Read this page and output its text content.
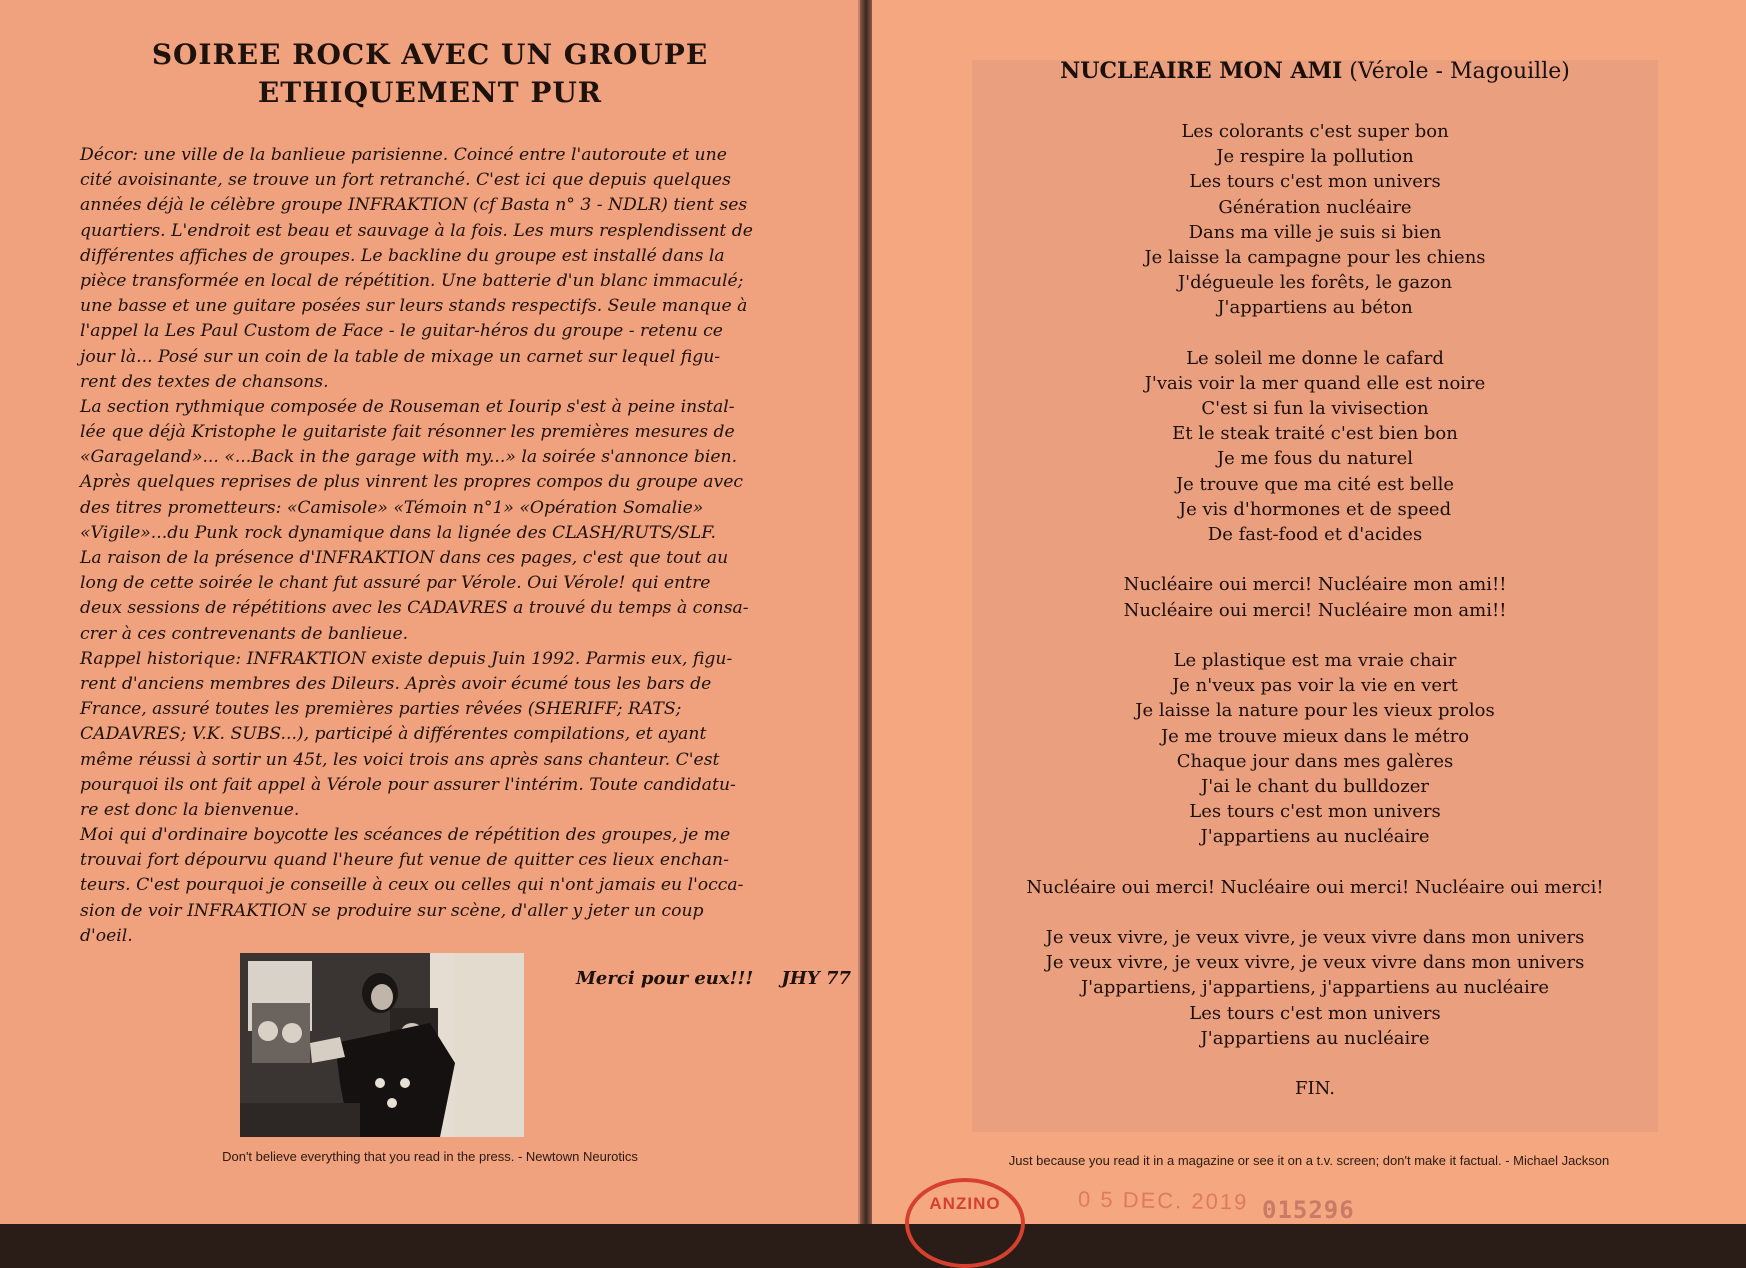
SOIREE ROCK AVEC UN GROUPE
ETHIQUEMENT PUR
Décor: une ville de la banlieue parisienne. Coincé entre l'autoroute et une
cité avoisinante, se trouve un fort retranché. C'est ici que depuis quelques
années déjà le célèbre groupe INFRAKTION (cf Basta n° 3 - NDLR) tient ses
quartiers. L'endroit est beau et sauvage à la fois. Les murs resplendissent de
différentes affiches de groupes. Le backline du groupe est installé dans la
pièce transformée en local de répétition. Une batterie d'un blanc immaculé;
une basse et une guitare posées sur leurs stands respectifs. Seule manque à
l'appel la Les Paul Custom de Face - le guitar-héros du groupe - retenu ce
jour là... Posé sur un coin de la table de mixage un carnet sur lequel figu-
rent des textes de chansons.
La section rythmique composée de Rouseman et Iourip s'est à peine instal-
lée que déjà Kristophe le guitariste fait résonner les premières mesures de
«Garageland»... «...Back in the garage with my...» la soirée s'annonce bien.
Après quelques reprises de plus vinrent les propres compos du groupe avec
des titres prometteurs: «Camisole» «Témoin n°1» «Opération Somalie»
«Vigile»...du Punk rock dynamique dans la lignée des CLASH/RUTS/SLF.
La raison de la présence d'INFRAKTION dans ces pages, c'est que tout au
long de cette soirée le chant fut assuré par Vérole. Oui Vérole! qui entre
deux sessions de répétitions avec les CADAVRES a trouvé du temps à consa-
crer à ces contrevenants de banlieue.
Rappel historique: INFRAKTION existe depuis Juin 1992. Parmis eux, figu-
rent d'anciens membres des Dileurs. Après avoir écumé tous les bars de
France, assuré toutes les premières parties rêvées (SHERIFF; RATS;
CADAVRES; V.K. SUBS...), participé à différentes compilations, et ayant
même réussi à sortir un 45t, les voici trois ans après sans chanteur. C'est
pourquoi ils ont fait appel à Vérole pour assurer l'intérim. Toute candidatu-
re est donc la bienvenue.
Moi qui d'ordinaire boycotte les scéances de répétition des groupes, je me
trouvai fort dépourvu quand l'heure fut venue de quitter ces lieux enchan-
teurs. C'est pourquoi je conseille à ceux ou celles qui n'ont jamais eu l'occa-
sion de voir INFRAKTION se produire sur scène, d'aller y jeter un coup
d'oeil.
Merci pour eux!!! JHY 77
Don't believe everything that you read in the press. - Newtown Neurotics
NUCLEAIRE MON AMI (Vérole - Magouille)
Les colorants c'est super bon
Je respire la pollution
Les tours c'est mon univers
Génération nucléaire
Dans ma ville je suis si bien
Je laisse la campagne pour les chiens
J'dégueule les forêts, le gazon
J'appartiens au béton
Le soleil me donne le cafard
J'vais voir la mer quand elle est noire
C'est si fun la vivisection
Et le steak traité c'est bien bon
Je me fous du naturel
Je trouve que ma cité est belle
Je vis d'hormones et de speed
De fast-food et d'acides
Nucléaire oui merci! Nucléaire mon ami!!
Nucléaire oui merci! Nucléaire mon ami!!
Le plastique est ma vraie chair
Je n'veux pas voir la vie en vert
Je laisse la nature pour les vieux prolos
Je me trouve mieux dans le métro
Chaque jour dans mes galères
J'ai le chant du bulldozer
Les tours c'est mon univers
J'appartiens au nucléaire
Nucléaire oui merci! Nucléaire oui merci! Nucléaire oui merci!
Je veux vivre, je veux vivre, je veux vivre dans mon univers
Je veux vivre, je veux vivre, je veux vivre dans mon univers
J'appartiens, j'appartiens, j'appartiens au nucléaire
Les tours c'est mon univers
J'appartiens au nucléaire
FIN.
Just because you read it in a magazine or see it on a t.v. screen; don't make it factual. - Michael Jackson
ANZINO	0 5 DEC. 2019 015296
